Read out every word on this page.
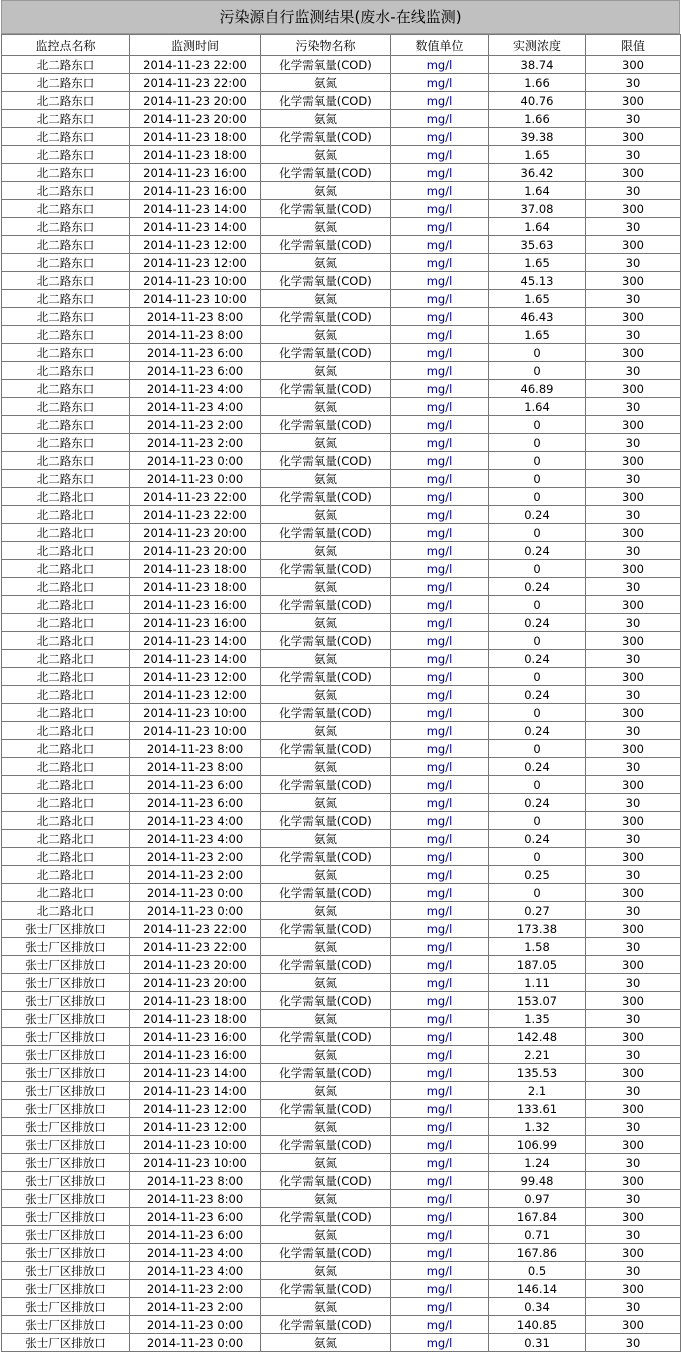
污染源自行监测结果(废水-在线监测)
监控点名称	监测时间	污染物名称	数值单位	实测浓度	限值
北二路东口	2014-11-23 22:00	化学需氧量(COD)	mg/l	38.74	300
北二路东口	2014-11-23 22:00	氨氮	mg/l	1.66	30
北二路东口	2014-11-23 20:00	化学需氧量(COD)	mg/l	40.76	300
北二路东口	2014-11-23 20:00	氨氮	mg/l	1.66	30
北二路东口	2014-11-23 18:00	化学需氧量(COD)	mg/l	39.38	300
北二路东口	2014-11-23 18:00	氨氮	mg/l	1.65	30
北二路东口	2014-11-23 16:00	化学需氧量(COD)	mg/l	36.42	300
北二路东口	2014-11-23 16:00	氨氮	mg/l	1.64	30
北二路东口	2014-11-23 14:00	化学需氧量(COD)	mg/l	37.08	300
北二路东口	2014-11-23 14:00	氨氮	mg/l	1.64	30
北二路东口	2014-11-23 12:00	化学需氧量(COD)	mg/l	35.63	300
北二路东口	2014-11-23 12:00	氨氮	mg/l	1.65	30
北二路东口	2014-11-23 10:00	化学需氧量(COD)	mg/l	45.13	300
北二路东口	2014-11-23 10:00	氨氮	mg/l	1.65	30
北二路东口	2014-11-23 8:00	化学需氧量(COD)	mg/l	46.43	300
北二路东口	2014-11-23 8:00	氨氮	mg/l	1.65	30
北二路东口	2014-11-23 6:00	化学需氧量(COD)	mg/l	0	300
北二路东口	2014-11-23 6:00	氨氮	mg/l	0	30
北二路东口	2014-11-23 4:00	化学需氧量(COD)	mg/l	46.89	300
北二路东口	2014-11-23 4:00	氨氮	mg/l	1.64	30
北二路东口	2014-11-23 2:00	化学需氧量(COD)	mg/l	0	300
北二路东口	2014-11-23 2:00	氨氮	mg/l	0	30
北二路东口	2014-11-23 0:00	化学需氧量(COD)	mg/l	0	300
北二路东口	2014-11-23 0:00	氨氮	mg/l	0	30
北二路北口	2014-11-23 22:00	化学需氧量(COD)	mg/l	0	300
北二路北口	2014-11-23 22:00	氨氮	mg/l	0.24	30
北二路北口	2014-11-23 20:00	化学需氧量(COD)	mg/l	0	300
北二路北口	2014-11-23 20:00	氨氮	mg/l	0.24	30
北二路北口	2014-11-23 18:00	化学需氧量(COD)	mg/l	0	300
北二路北口	2014-11-23 18:00	氨氮	mg/l	0.24	30
北二路北口	2014-11-23 16:00	化学需氧量(COD)	mg/l	0	300
北二路北口	2014-11-23 16:00	氨氮	mg/l	0.24	30
北二路北口	2014-11-23 14:00	化学需氧量(COD)	mg/l	0	300
北二路北口	2014-11-23 14:00	氨氮	mg/l	0.24	30
北二路北口	2014-11-23 12:00	化学需氧量(COD)	mg/l	0	300
北二路北口	2014-11-23 12:00	氨氮	mg/l	0.24	30
北二路北口	2014-11-23 10:00	化学需氧量(COD)	mg/l	0	300
北二路北口	2014-11-23 10:00	氨氮	mg/l	0.24	30
北二路北口	2014-11-23 8:00	化学需氧量(COD)	mg/l	0	300
北二路北口	2014-11-23 8:00	氨氮	mg/l	0.24	30
北二路北口	2014-11-23 6:00	化学需氧量(COD)	mg/l	0	300
北二路北口	2014-11-23 6:00	氨氮	mg/l	0.24	30
北二路北口	2014-11-23 4:00	化学需氧量(COD)	mg/l	0	300
北二路北口	2014-11-23 4:00	氨氮	mg/l	0.24	30
北二路北口	2014-11-23 2:00	化学需氧量(COD)	mg/l	0	300
北二路北口	2014-11-23 2:00	氨氮	mg/l	0.25	30
北二路北口	2014-11-23 0:00	化学需氧量(COD)	mg/l	0	300
北二路北口	2014-11-23 0:00	氨氮	mg/l	0.27	30
张士厂区排放口	2014-11-23 22:00	化学需氧量(COD)	mg/l	173.38	300
张士厂区排放口	2014-11-23 22:00	氨氮	mg/l	1.58	30
张士厂区排放口	2014-11-23 20:00	化学需氧量(COD)	mg/l	187.05	300
张士厂区排放口	2014-11-23 20:00	氨氮	mg/l	1.11	30
张士厂区排放口	2014-11-23 18:00	化学需氧量(COD)	mg/l	153.07	300
张士厂区排放口	2014-11-23 18:00	氨氮	mg/l	1.35	30
张士厂区排放口	2014-11-23 16:00	化学需氧量(COD)	mg/l	142.48	300
张士厂区排放口	2014-11-23 16:00	氨氮	mg/l	2.21	30
张士厂区排放口	2014-11-23 14:00	化学需氧量(COD)	mg/l	135.53	300
张士厂区排放口	2014-11-23 14:00	氨氮	mg/l	2.1	30
张士厂区排放口	2014-11-23 12:00	化学需氧量(COD)	mg/l	133.61	300
张士厂区排放口	2014-11-23 12:00	氨氮	mg/l	1.32	30
张士厂区排放口	2014-11-23 10:00	化学需氧量(COD)	mg/l	106.99	300
张士厂区排放口	2014-11-23 10:00	氨氮	mg/l	1.24	30
张士厂区排放口	2014-11-23 8:00	化学需氧量(COD)	mg/l	99.48	300
张士厂区排放口	2014-11-23 8:00	氨氮	mg/l	0.97	30
张士厂区排放口	2014-11-23 6:00	化学需氧量(COD)	mg/l	167.84	300
张士厂区排放口	2014-11-23 6:00	氨氮	mg/l	0.71	30
张士厂区排放口	2014-11-23 4:00	化学需氧量(COD)	mg/l	167.86	300
张士厂区排放口	2014-11-23 4:00	氨氮	mg/l	0.5	30
张士厂区排放口	2014-11-23 2:00	化学需氧量(COD)	mg/l	146.14	300
张士厂区排放口	2014-11-23 2:00	氨氮	mg/l	0.34	30
张士厂区排放口	2014-11-23 0:00	化学需氧量(COD)	mg/l	140.85	300
张士厂区排放口	2014-11-23 0:00	氨氮	mg/l	0.31	30
